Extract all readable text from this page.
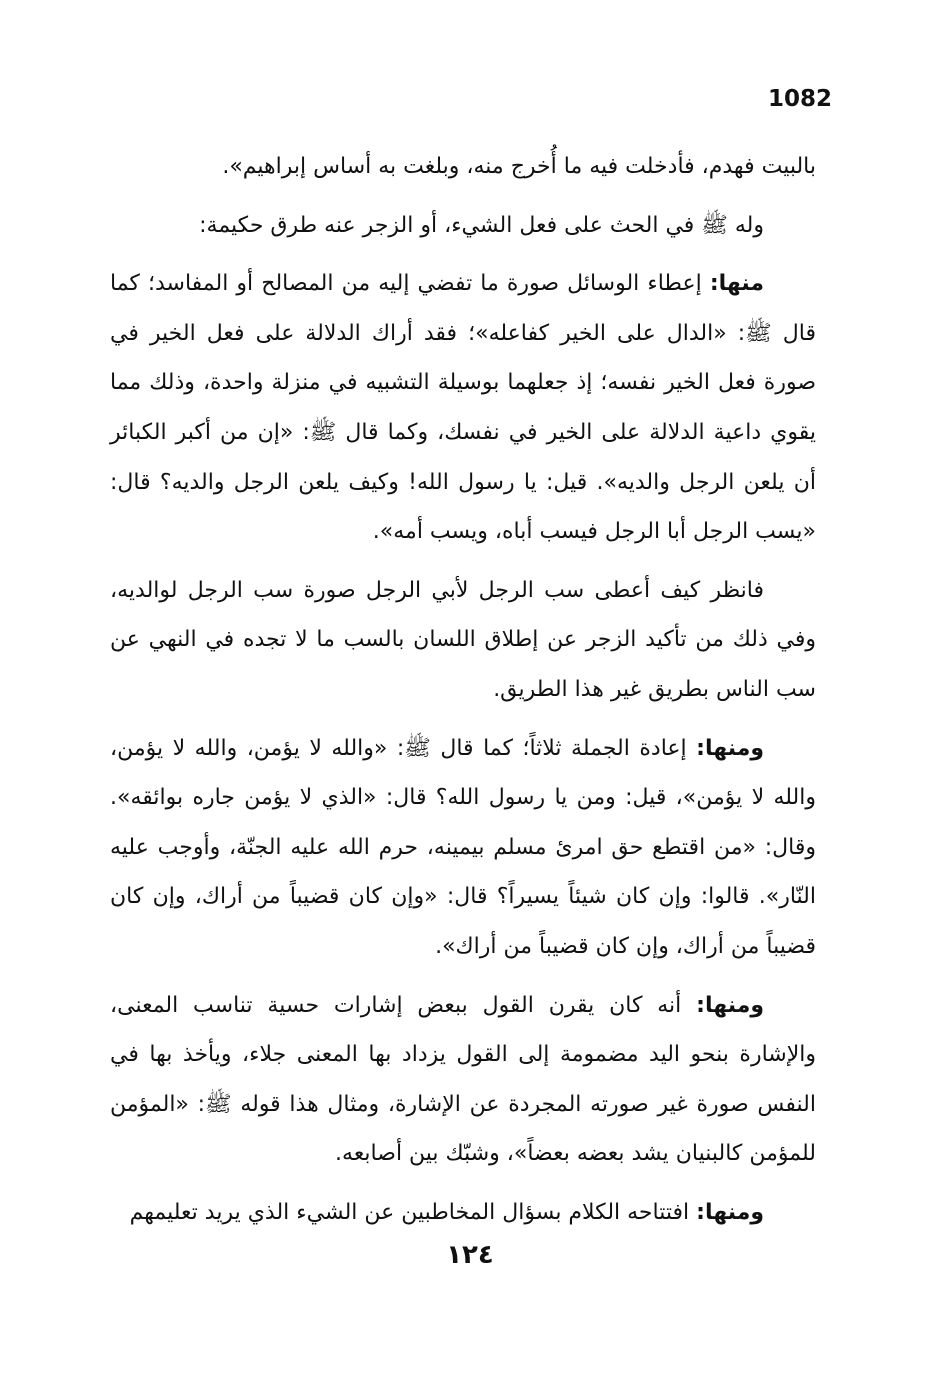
1082

بالبيت فهدم، فأدخلت فيه ما أُخرج منه، وبلغت به أساس إبراهيم».

وله ﷺ في الحث على فعل الشيء، أو الزجر عنه طرق حكيمة:

منها: إعطاء الوسائل صورة ما تفضي إليه من المصالح أو المفاسد؛ كما قال ﷺ: «الدال على الخير كفاعله»؛ فقد أراك الدلالة على فعل الخير في صورة فعل الخير نفسه؛ إذ جعلهما بوسيلة التشبيه في منزلة واحدة، وذلك مما يقوي داعية الدلالة على الخير في نفسك، وكما قال ﷺ: «إن من أكبر الكبائر أن يلعن الرجل والديه». قيل: يا رسول الله! وكيف يلعن الرجل والديه؟ قال: «يسب الرجل أبا الرجل فيسب أباه، ويسب أمه».

فانظر كيف أعطى سب الرجل لأبي الرجل صورة سب الرجل لوالديه، وفي ذلك من تأكيد الزجر عن إطلاق اللسان بالسب ما لا تجده في النهي عن سب الناس بطريق غير هذا الطريق.

ومنها: إعادة الجملة ثلاثاً؛ كما قال ﷺ: «والله لا يؤمن، والله لا يؤمن، والله لا يؤمن»، قيل: ومن يا رسول الله؟ قال: «الذي لا يؤمن جاره بوائقه». وقال: «من اقتطع حق امرئ مسلم بيمينه، حرم الله عليه الجنّة، وأوجب عليه النّار». قالوا: وإن كان شيئاً يسيراً؟ قال: «وإن كان قضيباً من أراك، وإن كان قضيباً من أراك، وإن كان قضيباً من أراك».

ومنها: أنه كان يقرن القول ببعض إشارات حسية تناسب المعنى، والإشارة بنحو اليد مضمومة إلى القول يزداد بها المعنى جلاء، ويأخذ بها في النفس صورة غير صورته المجردة عن الإشارة، ومثال هذا قوله ﷺ: «المؤمن للمؤمن كالبنيان يشد بعضه بعضاً»، وشبّك بين أصابعه.

ومنها: افتتاحه الكلام بسؤال المخاطبين عن الشيء الذي يريد تعليمهم

١٢٤
